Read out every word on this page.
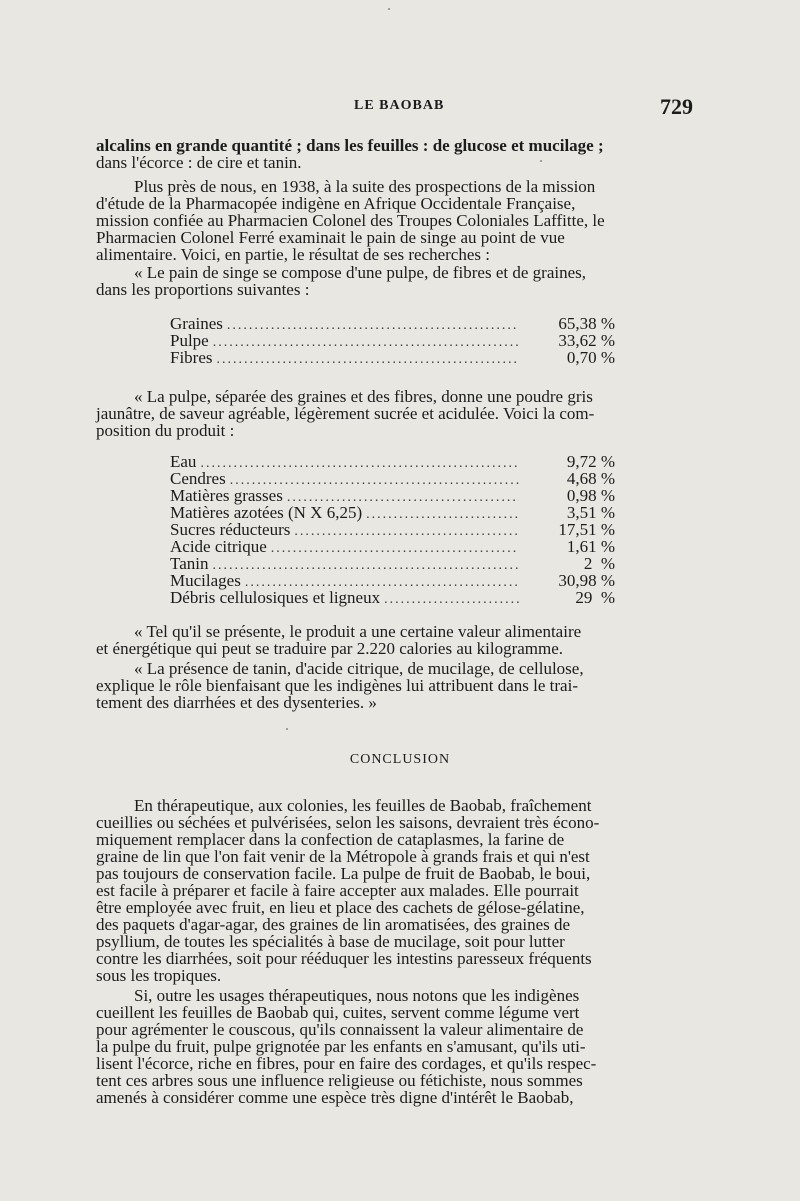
LE BAOBAB	729

alcalins en grande quantité ; dans les feuilles : de glucose et mucilage ;

dans l'écorce : de cire et tanin.

Plus près de nous, en 1938, à la suite des prospections de la mission

d'étude de la Pharmacopée indigène en Afrique Occidentale Française,

mission confiée au Pharmacien Colonel des Troupes Coloniales Laffitte, le

Pharmacien Colonel Ferré examinait le pain de singe au point de vue

alimentaire. Voici, en partie, le résultat de ses recherches :

« Le pain de singe se compose d'une pulpe, de fibres et de graines,

dans les proportions suivantes :

Graines .....	65,38 %
Pulpe .....	33,62 %
Fibres .....	0,70 %

« La pulpe, séparée des graines et des fibres, donne une poudre gris

jaunâtre, de saveur agréable, légèrement sucrée et acidulée. Voici la com-

position du produit :

Eau .....	9,72 %
Cendres .....	4,68 %
Matières grasses .....	0,98 %
Matières azotées (N X 6,25) .....	3,51 %
Sucres réducteurs .....	17,51 %
Acide citrique .....	1,61 %
Tanin .....	2  %
Mucilages .....	30,98 %
Débris cellulosiques et ligneux .....	29  %

« Tel qu'il se présente, le produit a une certaine valeur alimentaire

et énergétique qui peut se traduire par 2.220 calories au kilogramme.

« La présence de tanin, d'acide citrique, de mucilage, de cellulose,

explique le rôle bienfaisant que les indigènes lui attribuent dans le trai-

tement des diarrhées et des dysenteries. »

CONCLUSION

En thérapeutique, aux colonies, les feuilles de Baobab, fraîchement

cueillies ou séchées et pulvérisées, selon les saisons, devraient très écono-

miquement remplacer dans la confection de cataplasmes, la farine de

graine de lin que l'on fait venir de la Métropole à grands frais et qui n'est

pas toujours de conservation facile. La pulpe de fruit de Baobab, le boui,

est facile à préparer et facile à faire accepter aux malades. Elle pourrait

être employée avec fruit, en lieu et place des cachets de gélose-gélatine,

des paquets d'agar-agar, des graines de lin aromatisées, des graines de

psyllium, de toutes les spécialités à base de mucilage, soit pour lutter

contre les diarrhées, soit pour rééduquer les intestins paresseux fréquents

sous les tropiques.

Si, outre les usages thérapeutiques, nous notons que les indigènes

cueillent les feuilles de Baobab qui, cuites, servent comme légume vert

pour agrémenter le couscous, qu'ils connaissent la valeur alimentaire de

la pulpe du fruit, pulpe grignotée par les enfants en s'amusant, qu'ils uti-

lisent l'écorce, riche en fibres, pour en faire des cordages, et qu'ils respec-

tent ces arbres sous une influence religieuse ou fétichiste, nous sommes

amenés à considérer comme une espèce très digne d'intérêt le Baobab,
